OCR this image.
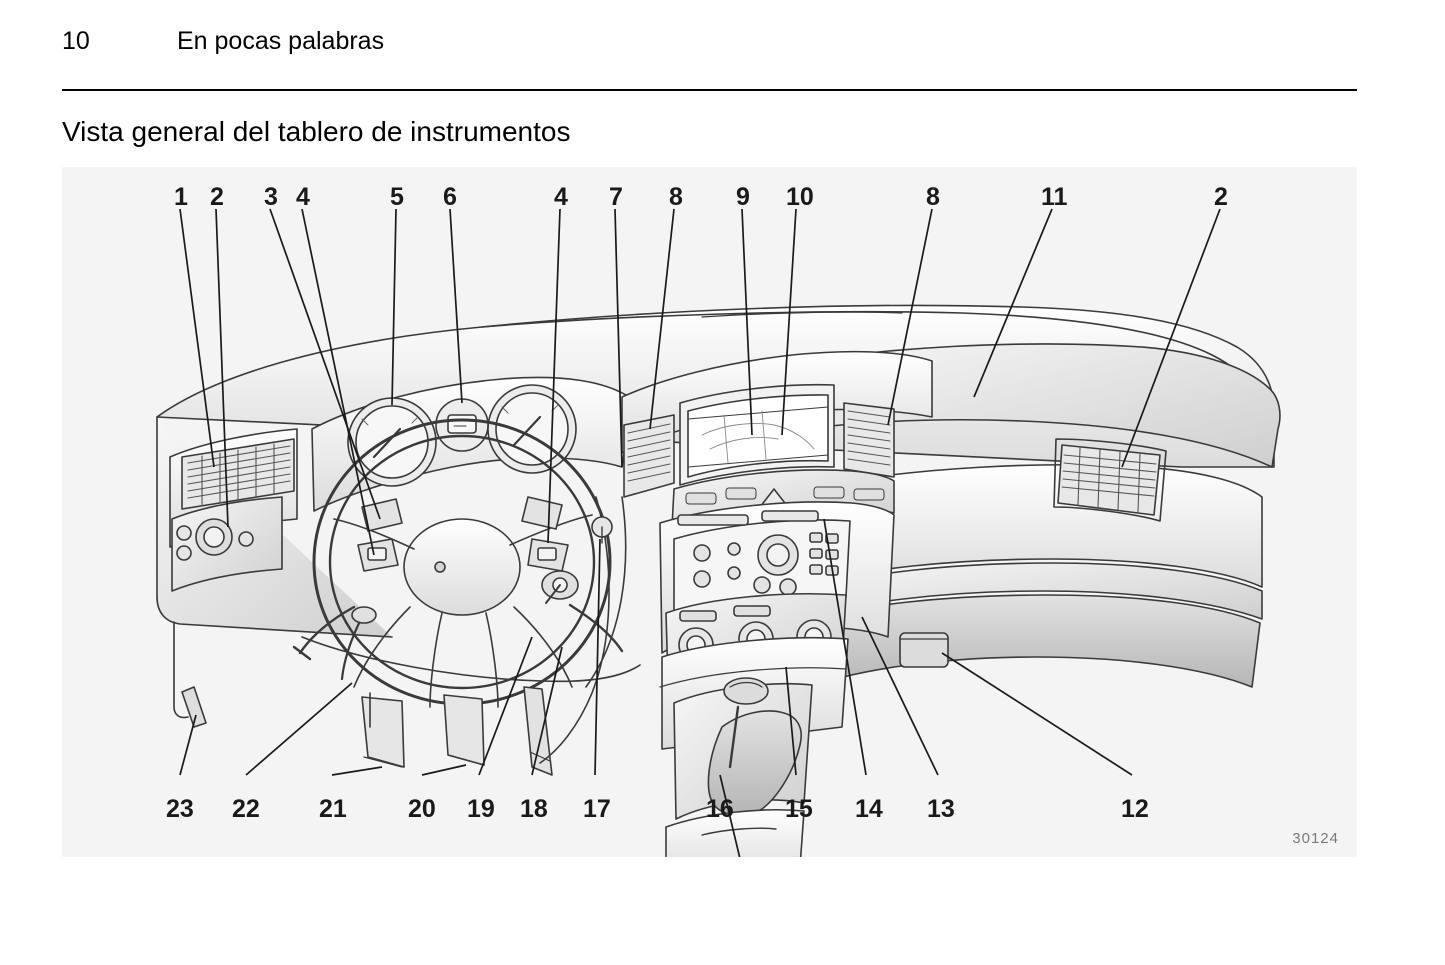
10	En pocas palabras
Vista general del tablero de instrumentos
1 2 3 4	5 6	4 7 8 9 10	8	11	2
23 22 21 20 19 18 17	16 15 14 13	12
30124
